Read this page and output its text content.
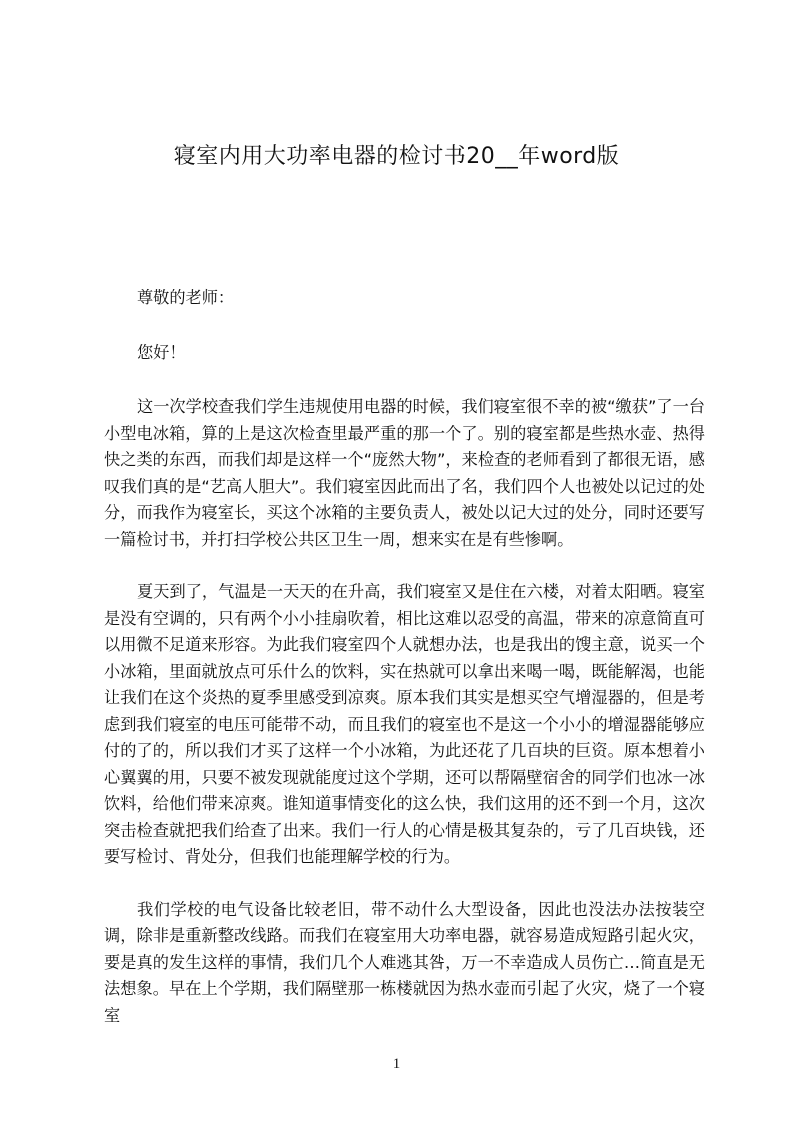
寝室内用大功率电器的检讨书20__年word版
尊敬的老师：
您好！

这一次学校查我们学生违规使用电器的时候，我们寝室很不幸的被“缴获”了一台小型电冰箱，算的上是这次检查里最严重的那一个了。别的寝室都是些热水壶、热得快之类的东西，而我们却是这样一个“庞然大物”，来检查的老师看到了都很无语，感叹我们真的是“艺高人胆大”。我们寝室因此而出了名，我们四个人也被处以记过的处分，而我作为寝室长，买这个冰箱的主要负责人，被处以记大过的处分，同时还要写一篇检讨书，并打扫学校公共区卫生一周，想来实在是有些惨啊。

夏天到了，气温是一天天的在升高，我们寝室又是住在六楼，对着太阳晒。寝室是没有空调的，只有两个小小挂扇吹着，相比这难以忍受的高温，带来的凉意简直可以用微不足道来形容。为此我们寝室四个人就想办法，也是我出的馊主意，说买一个小冰箱，里面就放点可乐什么的饮料，实在热就可以拿出来喝一喝，既能解渴，也能让我们在这个炎热的夏季里感受到凉爽。原本我们其实是想买空气增湿器的，但是考虑到我们寝室的电压可能带不动，而且我们的寝室也不是这一个小小的增湿器能够应付的了的，所以我们才买了这样一个小冰箱，为此还花了几百块的巨资。原本想着小心翼翼的用，只要不被发现就能度过这个学期，还可以帮隔壁宿舍的同学们也冰一冰饮料，给他们带来凉爽。谁知道事情变化的这么快，我们这用的还不到一个月，这次突击检查就把我们给查了出来。我们一行人的心情是极其复杂的，亏了几百块钱，还要写检讨、背处分，但我们也能理解学校的行为。

我们学校的电气设备比较老旧，带不动什么大型设备，因此也没法办法按装空调，除非是重新整改线路。而我们在寝室用大功率电器，就容易造成短路引起火灾，要是真的发生这样的事情，我们几个人难逃其咎，万一不幸造成人员伤亡…简直是无法想象。早在上个学期，我们隔壁那一栋楼就因为热水壶而引起了火灾，烧了一个寝室

1
